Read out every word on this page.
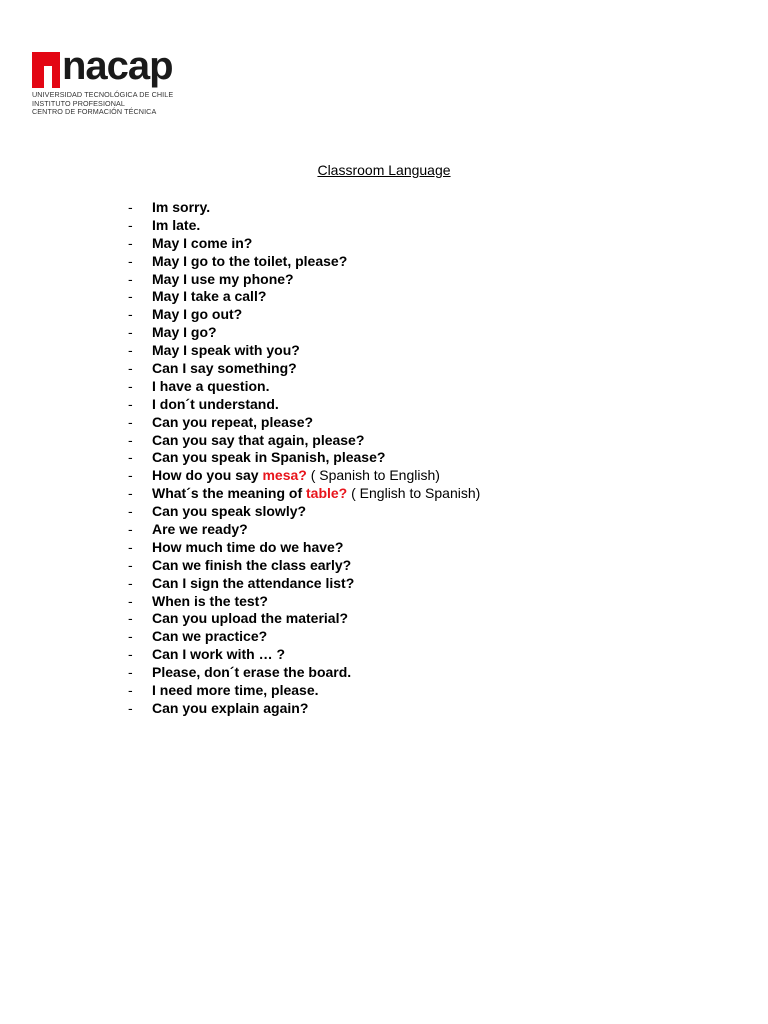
nacap
UNIVERSIDAD TECNOLÓGICA DE CHILE
INSTITUTO PROFESIONAL
CENTRO DE FORMACIÓN TÉCNICA
Classroom Language
-	Im sorry.
-	Im late.
-	May I come in?
-	May I go to the toilet, please?
-	May I use my phone?
-	May I take a call?
-	May I go out?
-	May I go?
-	May I speak with you?
-	Can I say something?
-	I have a question.
-	I don´t understand.
-	Can you repeat, please?
-	Can you say that again, please?
-	Can you speak in Spanish, please?
-	How do you say mesa? ( Spanish to English)
-	What´s the meaning of table? ( English to Spanish)
-	Can you speak slowly?
-	Are we ready?
-	How much time do we have?
-	Can we finish the class early?
-	Can I sign the attendance list?
-	When is the test?
-	Can you upload the material?
-	Can we practice?
-	Can I work with … ?
-	Please, don´t erase the board.
-	I need more time, please.
-	Can you explain again?
